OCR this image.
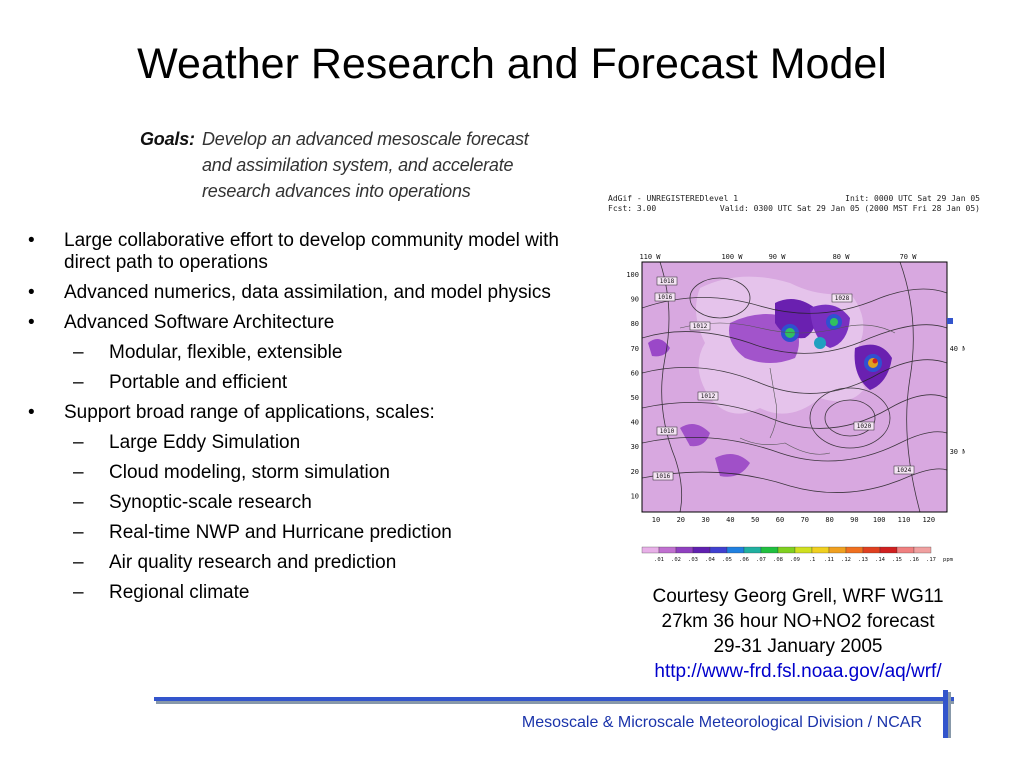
Weather Research and Forecast Model
Goals: Develop an advanced mesoscale forecast
and assimilation system, and accelerate
research advances into operations
• Large collaborative effort to develop community model with direct path to operations
• Advanced numerics, data assimilation, and model physics
• Advanced Software Architecture
– Modular, flexible, extensible
– Portable and efficient
• Support broad range of applications, scales:
– Large Eddy Simulation
– Cloud modeling, storm simulation
– Synoptic-scale research
– Real-time NWP and Hurricane prediction
– Air quality research and prediction
– Regional climate
AdGif - UNREGISTEREDlevel 1
Fcst: 3.00
Init: 0000 UTC Sat 29 Jan 05
Valid: 0300 UTC Sat 29 Jan 05 (2000 MST Fri 28 Jan 05)
110 W	100 W	90 W	80 W	70 W
40 N
30 N
100
90
80
70
60
50
40
30
20
10
10 20 30 40 50 60 70 80 90 100 110 120
1018
1016
1012
1028
1012
1010
1020
1016
1024
.01 .02 .03 .04 .05 .06 .07 .08 .09 .1 .11 .12 .13 .14 .15 .16 .17 ppm
Courtesy Georg Grell, WRF WG11
27km 36 hour NO+NO2 forecast
29-31 January 2005
http://www-frd.fsl.noaa.gov/aq/wrf/
Mesoscale & Microscale Meteorological Division / NCAR
